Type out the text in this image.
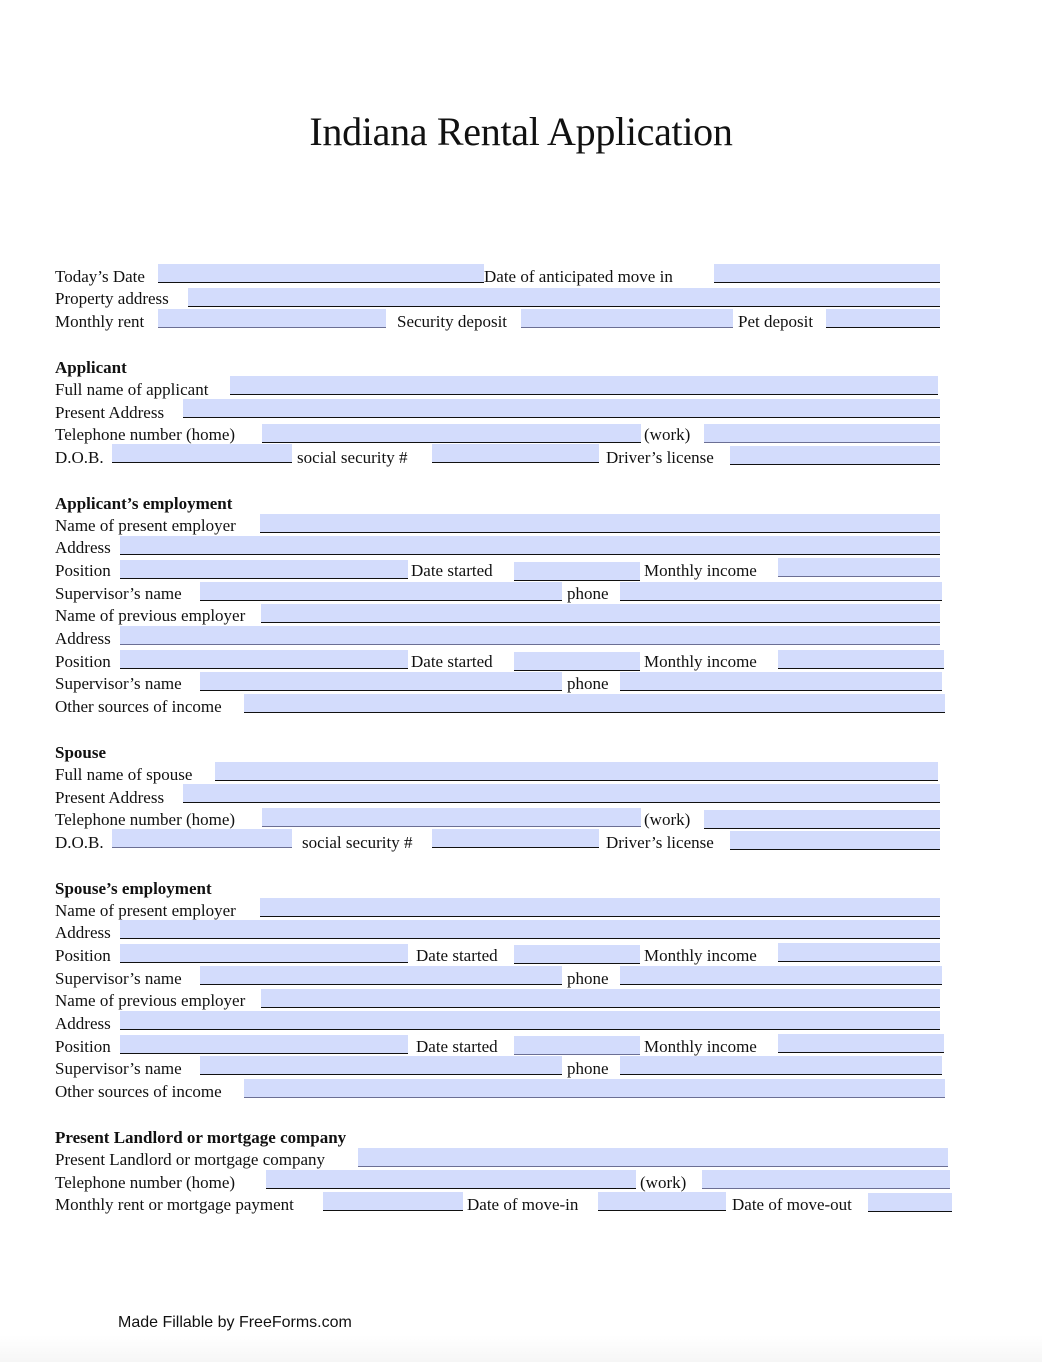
Indiana Rental Application
Today’s Date	Date of anticipated move in
Property address
Monthly rent	Security deposit	Pet deposit
Applicant
Full name of applicant
Present Address
Telephone number (home)	(work)
D.O.B.	social security #	Driver’s license
Applicant’s employment
Name of present employer
Address
Position	Date started	Monthly income
Supervisor’s name	phone
Name of previous employer
Address
Position	Date started	Monthly income
Supervisor’s name	phone
Other sources of income
Spouse
Full name of spouse
Present Address
Telephone number (home)	(work)
D.O.B.	social security #	Driver’s license
Spouse’s employment
Name of present employer
Address
Position	Date started	Monthly income
Supervisor’s name	phone
Name of previous employer
Address
Position	Date started	Monthly income
Supervisor’s name	phone
Other sources of income
Present Landlord or mortgage company
Present Landlord or mortgage company
Telephone number (home)	(work)
Monthly rent or mortgage payment	Date of move-in	Date of move-out
Made Fillable by FreeForms.com
